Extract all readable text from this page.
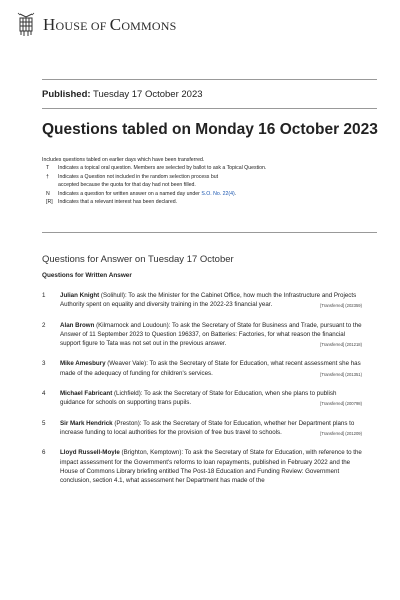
HOUSE OF COMMONS
Published: Tuesday 17 October 2023
Questions tabled on Monday 16 October 2023
Includes questions tabled on earlier days which have been transferred.
T	Indicates a topical oral question. Members are selected by ballot to ask a Topical Question.
†	Indicates a Question not included in the random selection process but
accepted because the quota for that day had not been filled.
N	Indicates a question for written answer on a named day under S.O. No. 22(4).
[R]	Indicates that a relevant interest has been declared.
Questions for Answer on Tuesday 17 October
Questions for Written Answer
1	Julian Knight (Solihull): To ask the Minister for the Cabinet Office, how much the Infrastructure and Projects Authority spent on equality and diversity training in the 2022-23 financial year.	[Transferred] (202359)
2	Alan Brown (Kilmarnock and Loudoun): To ask the Secretary of State for Business and Trade, pursuant to the Answer of 11 September 2023 to Question 196337, on Batteries: Factories, for what reason the financial support figure to Tata was not set out in the previous answer.	[Transferred] (201218)
3	Mike Amesbury (Weaver Vale): To ask the Secretary of State for Education, what recent assessment she has made of the adequacy of funding for children's services.	[Transferred] (201351)
4	Michael Fabricant (Lichfield): To ask the Secretary of State for Education, when she plans to publish guidance for schools on supporting trans pupils.	[Transferred] (200798)
5	Sir Mark Hendrick (Preston): To ask the Secretary of State for Education, whether her Department plans to increase funding to local authorities for the provision of free bus travel to schools.	[Transferred] (201209)
6	Lloyd Russell-Moyle (Brighton, Kemptown): To ask the Secretary of State for Education, with reference to the impact assessment for the Government's reforms to loan repayments, published in February 2022 and the House of Commons Library briefing entitled The Post-18 Education and Funding Review: Government conclusion, section 4.1, what assessment her Department has made of the
